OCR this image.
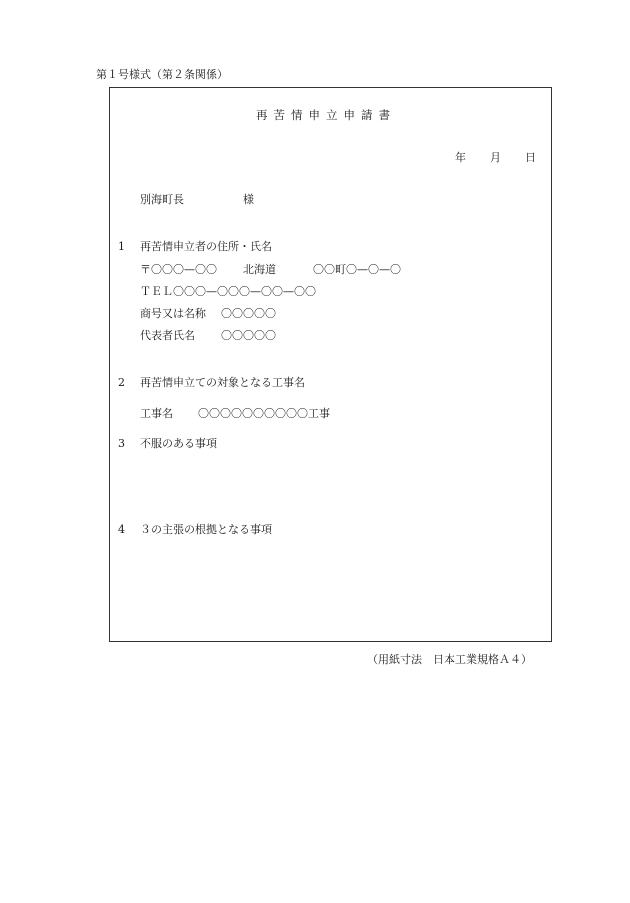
第１号様式（第２条関係）
再苦情申立申請書
年 月 日
別海町長	様
1 再苦情申立者の住所・氏名
〒〇〇〇—〇〇 北海道	〇〇町〇—〇—〇
ＴＥＬ〇〇〇—〇〇〇—〇〇—〇〇
商号又は名称 〇〇〇〇〇
代表者氏名 〇〇〇〇〇
2 再苦情申立ての対象となる工事名
工事名 〇〇〇〇〇〇〇〇〇〇工事
3 不服のある事項
4 ３の主張の根拠となる事項
（用紙寸法　日本工業規格Ａ４）
